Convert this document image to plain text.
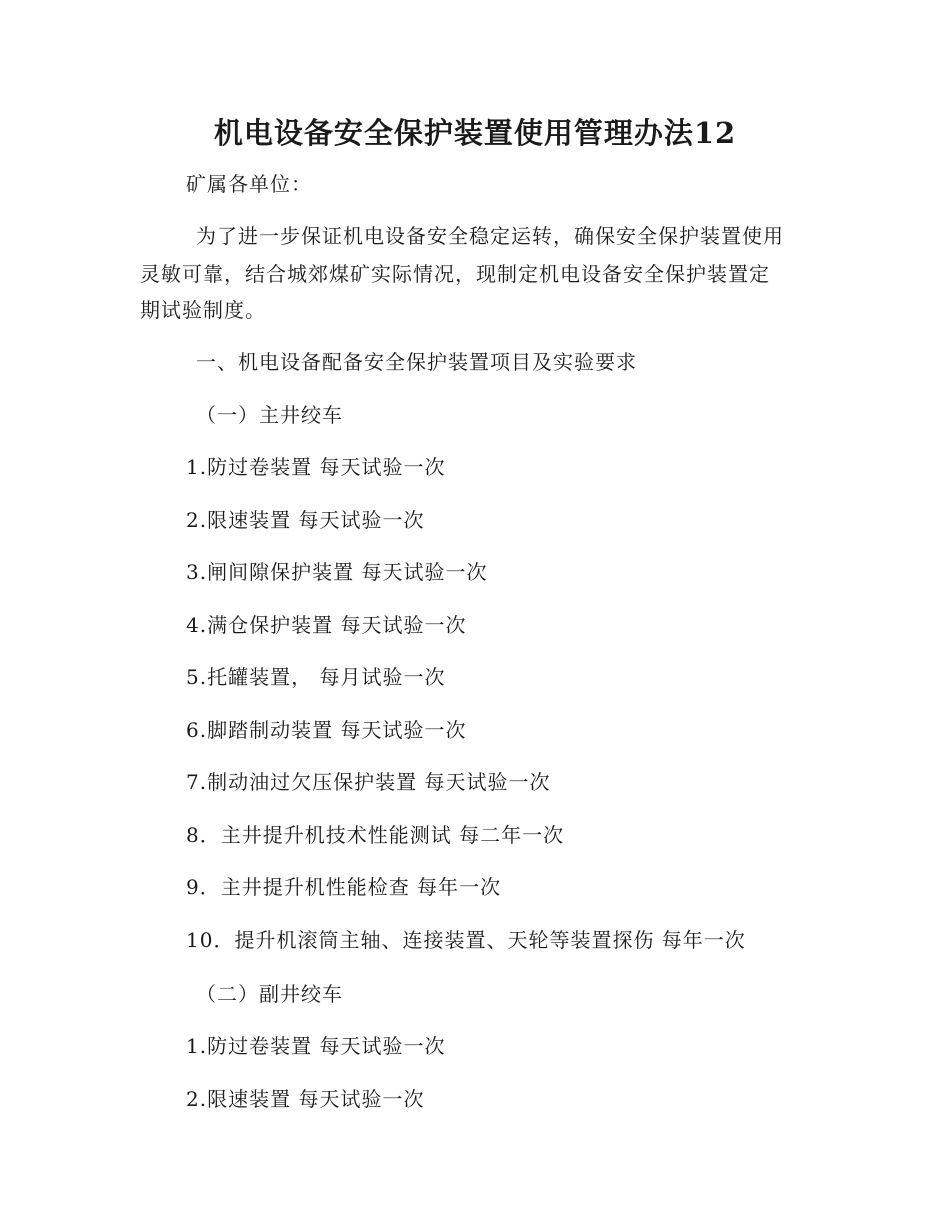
机电设备安全保护装置使用管理办法12
矿属各单位：
为了进一步保证机电设备安全稳定运转，确保安全保护装置使用
灵敏可靠，结合城郊煤矿实际情况，现制定机电设备安全保护装置定
期试验制度。
一、机电设备配备安全保护装置项目及实验要求
（一）主井绞车
1.防过卷装置 每天试验一次
2.限速装置 每天试验一次
3.闸间隙保护装置 每天试验一次
4.满仓保护装置 每天试验一次
5.托罐装置， 每月试验一次
6.脚踏制动装置 每天试验一次
7.制动油过欠压保护装置 每天试验一次
8．主井提升机技术性能测试 每二年一次
9．主井提升机性能检查 每年一次
10．提升机滚筒主轴、连接装置、天轮等装置探伤 每年一次
（二）副井绞车
1.防过卷装置 每天试验一次
2.限速装置 每天试验一次
